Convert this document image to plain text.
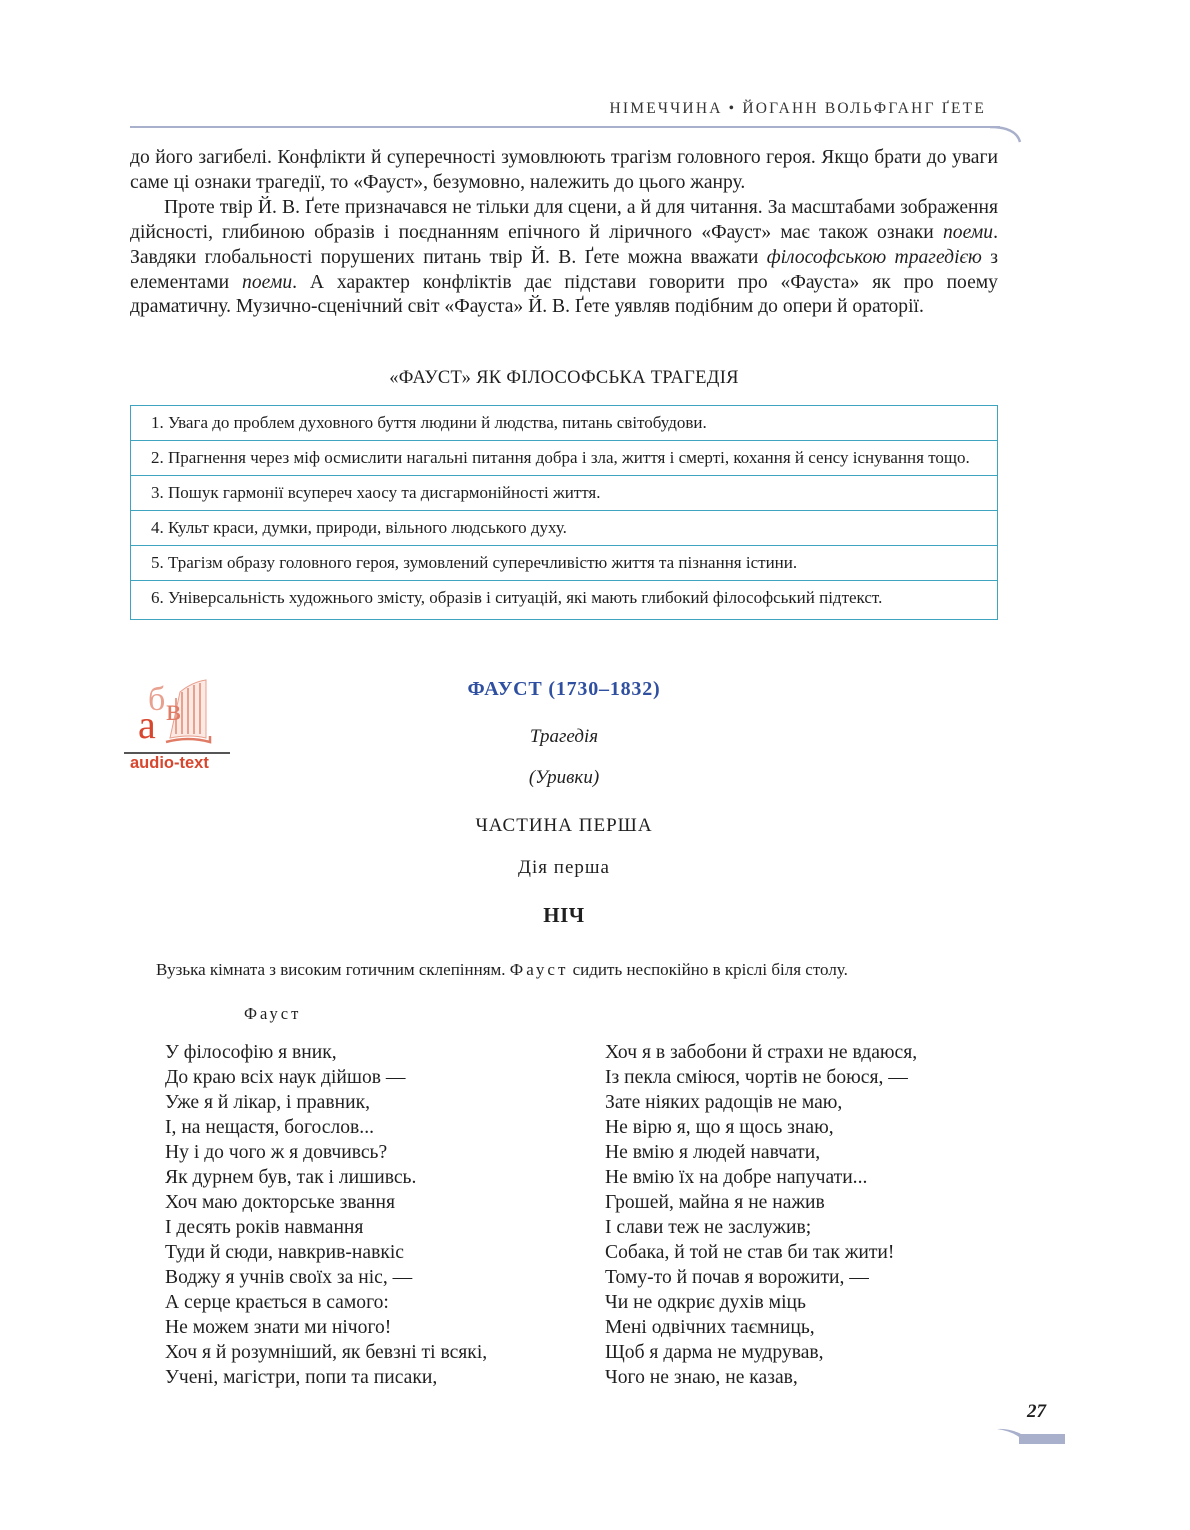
НІМЕЧЧИНА • ЙОГАНН ВОЛЬФГАНГ ҐЕТЕ

до його загибелі. Конфлікти й суперечності зумовлюють трагізм головного героя. Якщо брати до уваги саме ці ознаки трагедії, то «Фауст», безумовно, належить до цього жанру.

Проте твір Й. В. Ґете призначався не тільки для сцени, а й для читання. За масштабами зображення дійсності, глибиною образів і поєднанням епічного й ліричного «Фауст» має також ознаки поеми. Завдяки глобальності порушених питань твір Й. В. Ґете можна вважати філософською трагедією з елементами поеми. А характер конфліктів дає підстави говорити про «Фауста» як про поему драматичну. Музично-сценічний світ «Фауста» Й. В. Ґете уявляв подібним до опери й ораторії.

«ФАУСТ» ЯК ФІЛОСОФСЬКА ТРАГЕДІЯ
1. Увага до проблем духовного буття людини й людства, питань світобудови.
2. Прагнення через міф осмислити нагальні питання добра і зла, життя і смерті, кохання й сенсу існування тощо.
3. Пошук гармонії всупереч хаосу та дисгармонійності життя.
4. Культ краси, думки, природи, вільного людського духу.
5. Трагізм образу головного героя, зумовлений суперечливістю життя та пізнання істини.
6. Універсальність художнього змісту, образів і ситуацій, які мають глибокий філософський підтекст.
б в
a
audio-text
ФАУСТ (1730–1832)
Трагедія
(Уривки)
ЧАСТИНА ПЕРША
Дія перша
НІЧ
Вузька кімната з високим готичним склепінням. Фауст сидить неспокійно в кріслі біля столу.
Фауст
У філософію я вник,
До краю всіх наук дійшов —
Уже я й лікар, і правник,
І, на нещастя, богослов...
Ну і до чого ж я довчивсь?
Як дурнем був, так і лишивсь.
Хоч маю докторське звання
І десять років навмання
Туди й сюди, навкрив-навкіс
Воджу я учнів своїх за ніс, —
А серце крається в самого:
Не можем знати ми нічого!
Хоч я й розумніший, як бевзні ті всякі,
Учені, магістри, попи та писаки,
Хоч я в забобони й страхи не вдаюся,
Із пекла сміюся, чортів не боюся, —
Зате ніяких радощів не маю,
Не вірю я, що я щось знаю,
Не вмію я людей навчати,
Не вмію їх на добре напучати...
Грошей, майна я не нажив
І слави теж не заслужив;
Собака, й той не став би так жити!
Тому-то й почав я ворожити, —
Чи не одкриє духів міць
Мені одвічних таємниць,
Щоб я дарма не мудрував,
Чого не знаю, не казав,
27
